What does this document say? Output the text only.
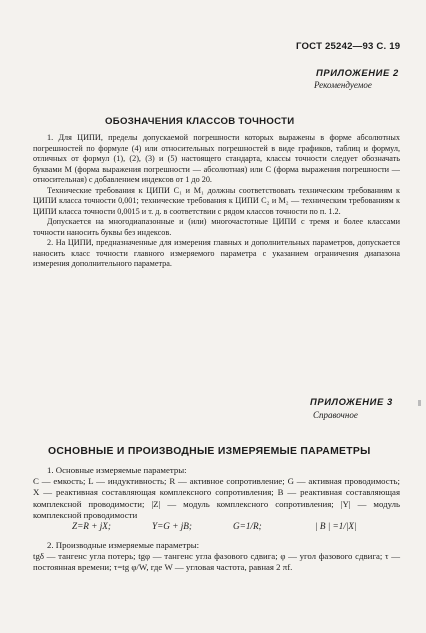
ГОСТ 25242—93 С. 19
ПРИЛОЖЕНИЕ 2
Рекомендуемое
ОБОЗНАЧЕНИЯ КЛАССОВ ТОЧНОСТИ

1. Для ЦИПИ, пределы допускаемой погрешности которых выражены в форме абсолютных погрешностей по формуле (4) или относительных погрешностей в виде графиков, таблиц и формул, отличных от формул (1), (2), (3) и (5) настоящего стандарта, классы точности следует обозначать буквами M (форма выражения погрешности — абсолютная) или C (форма выражения погрешности — относительная) с добавлением индексов от 1 до 20.

Технические требования к ЦИПИ C₁ и M₁ должны соответствовать техническим требованиям к ЦИПИ класса точности 0,001; технические требования к ЦИПИ C₂ и M₂ — техническим требованиям к ЦИПИ класса точности 0,0015 и т. д. в соответствии с рядом классов точности по п. 1.2.

Допускается на многодиапазонные и (или) многочастотные ЦИПИ с тремя и более классами точности наносить буквы без индексов.

2. На ЦИПИ, предназначенные для измерения главных и дополнительных параметров, допускается наносить класс точности главного измеряемого параметра с указанием ограничения диапазона измерения дополнительного параметра.

ПРИЛОЖЕНИЕ 3
Справочное
ОСНОВНЫЕ И ПРОИЗВОДНЫЕ ИЗМЕРЯЕМЫЕ ПАРАМЕТРЫ

1. Основные измеряемые параметры:

C — емкость; L — индуктивность; R — активное сопротивление; G — активная проводимость; X — реактивная составляющая комплексного сопротивления; B — реактивная составляющая комплексной проводимости; |Z| — модуль комплексного сопротивления; |Y| — модуль комплексной проводимости

Z=R + jX;	Y=G + jB;	G=1/R;	| B | =1/|X|

2. Производные измеряемые параметры:

tgδ — тангенс угла потерь; tgφ — тангенс угла фазового сдвига; φ — угол фазового сдвига; τ — постоянная времени; τ=tg φ/W, где W — угловая частота, равная 2 πf.
